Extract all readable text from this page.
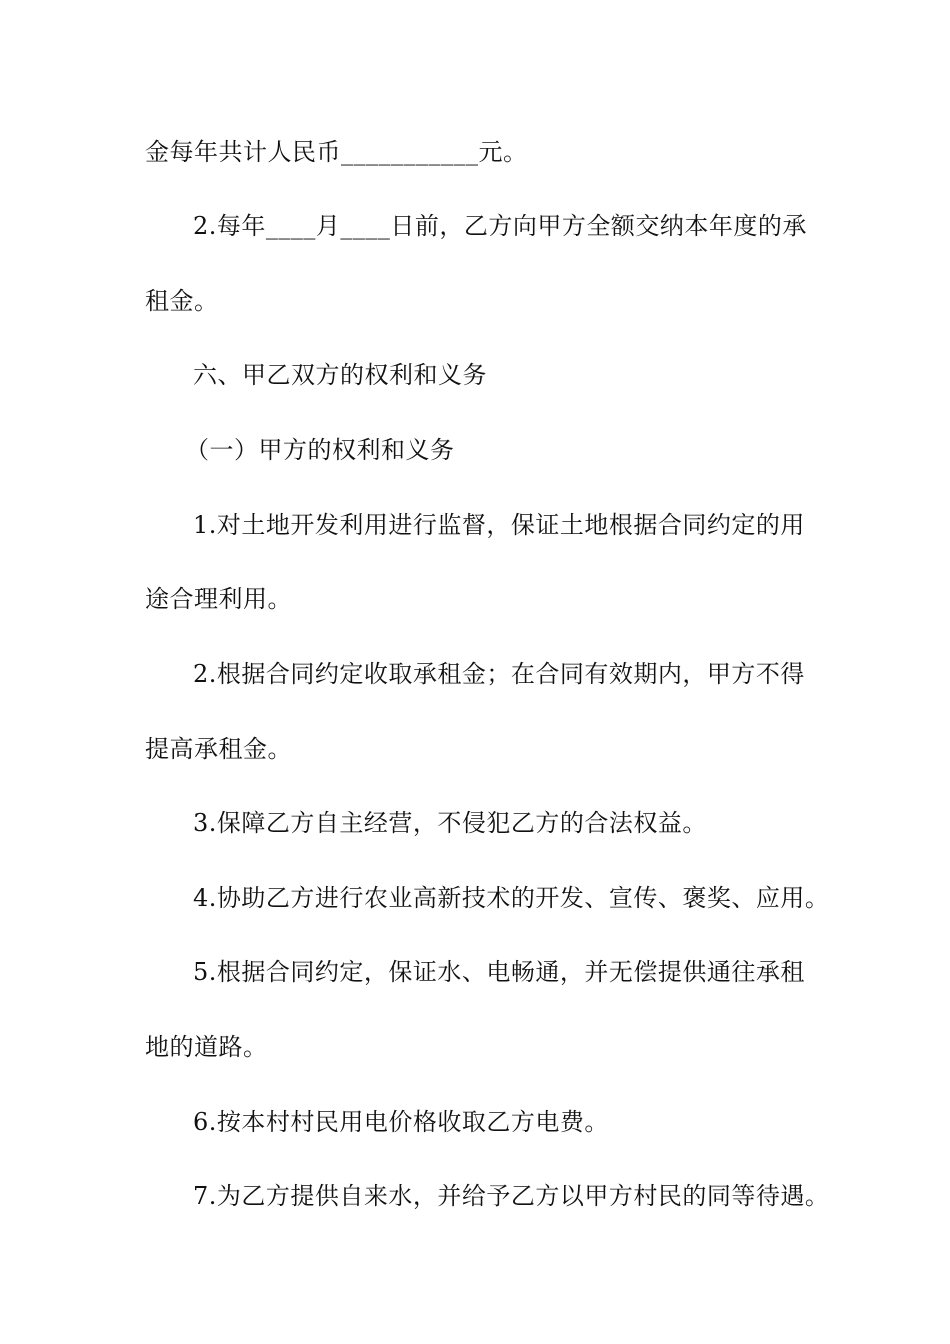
金每年共计人民币___________元。
2.每年____月____日前，乙方向甲方全额交纳本年度的承
租金。
六、甲乙双方的权利和义务
（一）甲方的权利和义务
1.对土地开发利用进行监督，保证土地根据合同约定的用
途合理利用。
2.根据合同约定收取承租金；在合同有效期内，甲方不得
提高承租金。
3.保障乙方自主经营，不侵犯乙方的合法权益。
4.协助乙方进行农业高新技术的开发、宣传、褒奖、应用。
5.根据合同约定，保证水、电畅通，并无偿提供通往承租
地的道路。
6.按本村村民用电价格收取乙方电费。
7.为乙方提供自来水，并给予乙方以甲方村民的同等待遇。
